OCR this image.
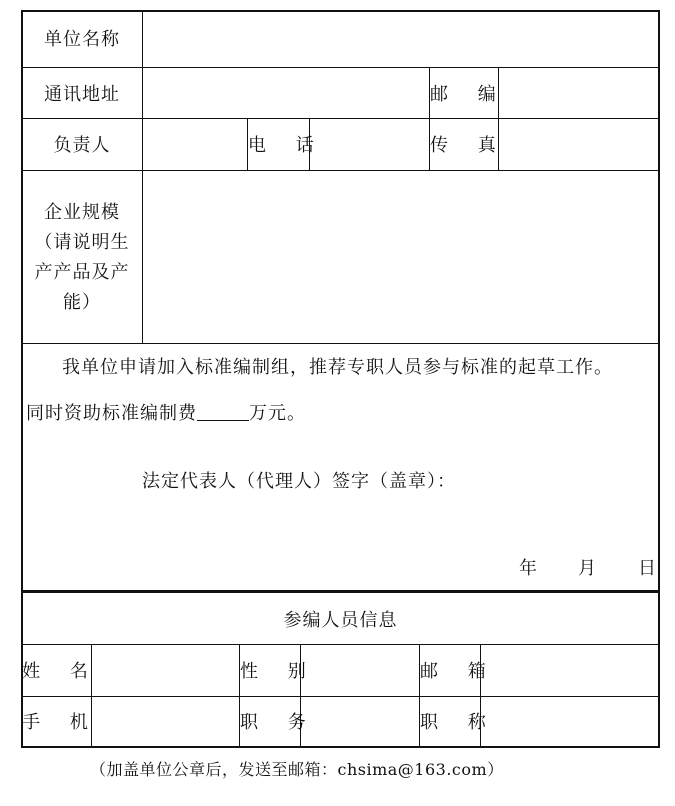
单位名称
通讯地址	邮 编
负责人	电 话	传 真
企业规模
（请说明生
产产品及产
能）
我单位申请加入标准编制组，推荐专职人员参与标准的起草工作。
同时资助标准编制费	万元。
法定代表人（代理人）签字（盖章）：
年 月 日
参编人员信息
姓 名	性 别	邮 箱
手 机	职 务	职 称
（加盖单位公章后，发送至邮箱：chsima@163.com）
